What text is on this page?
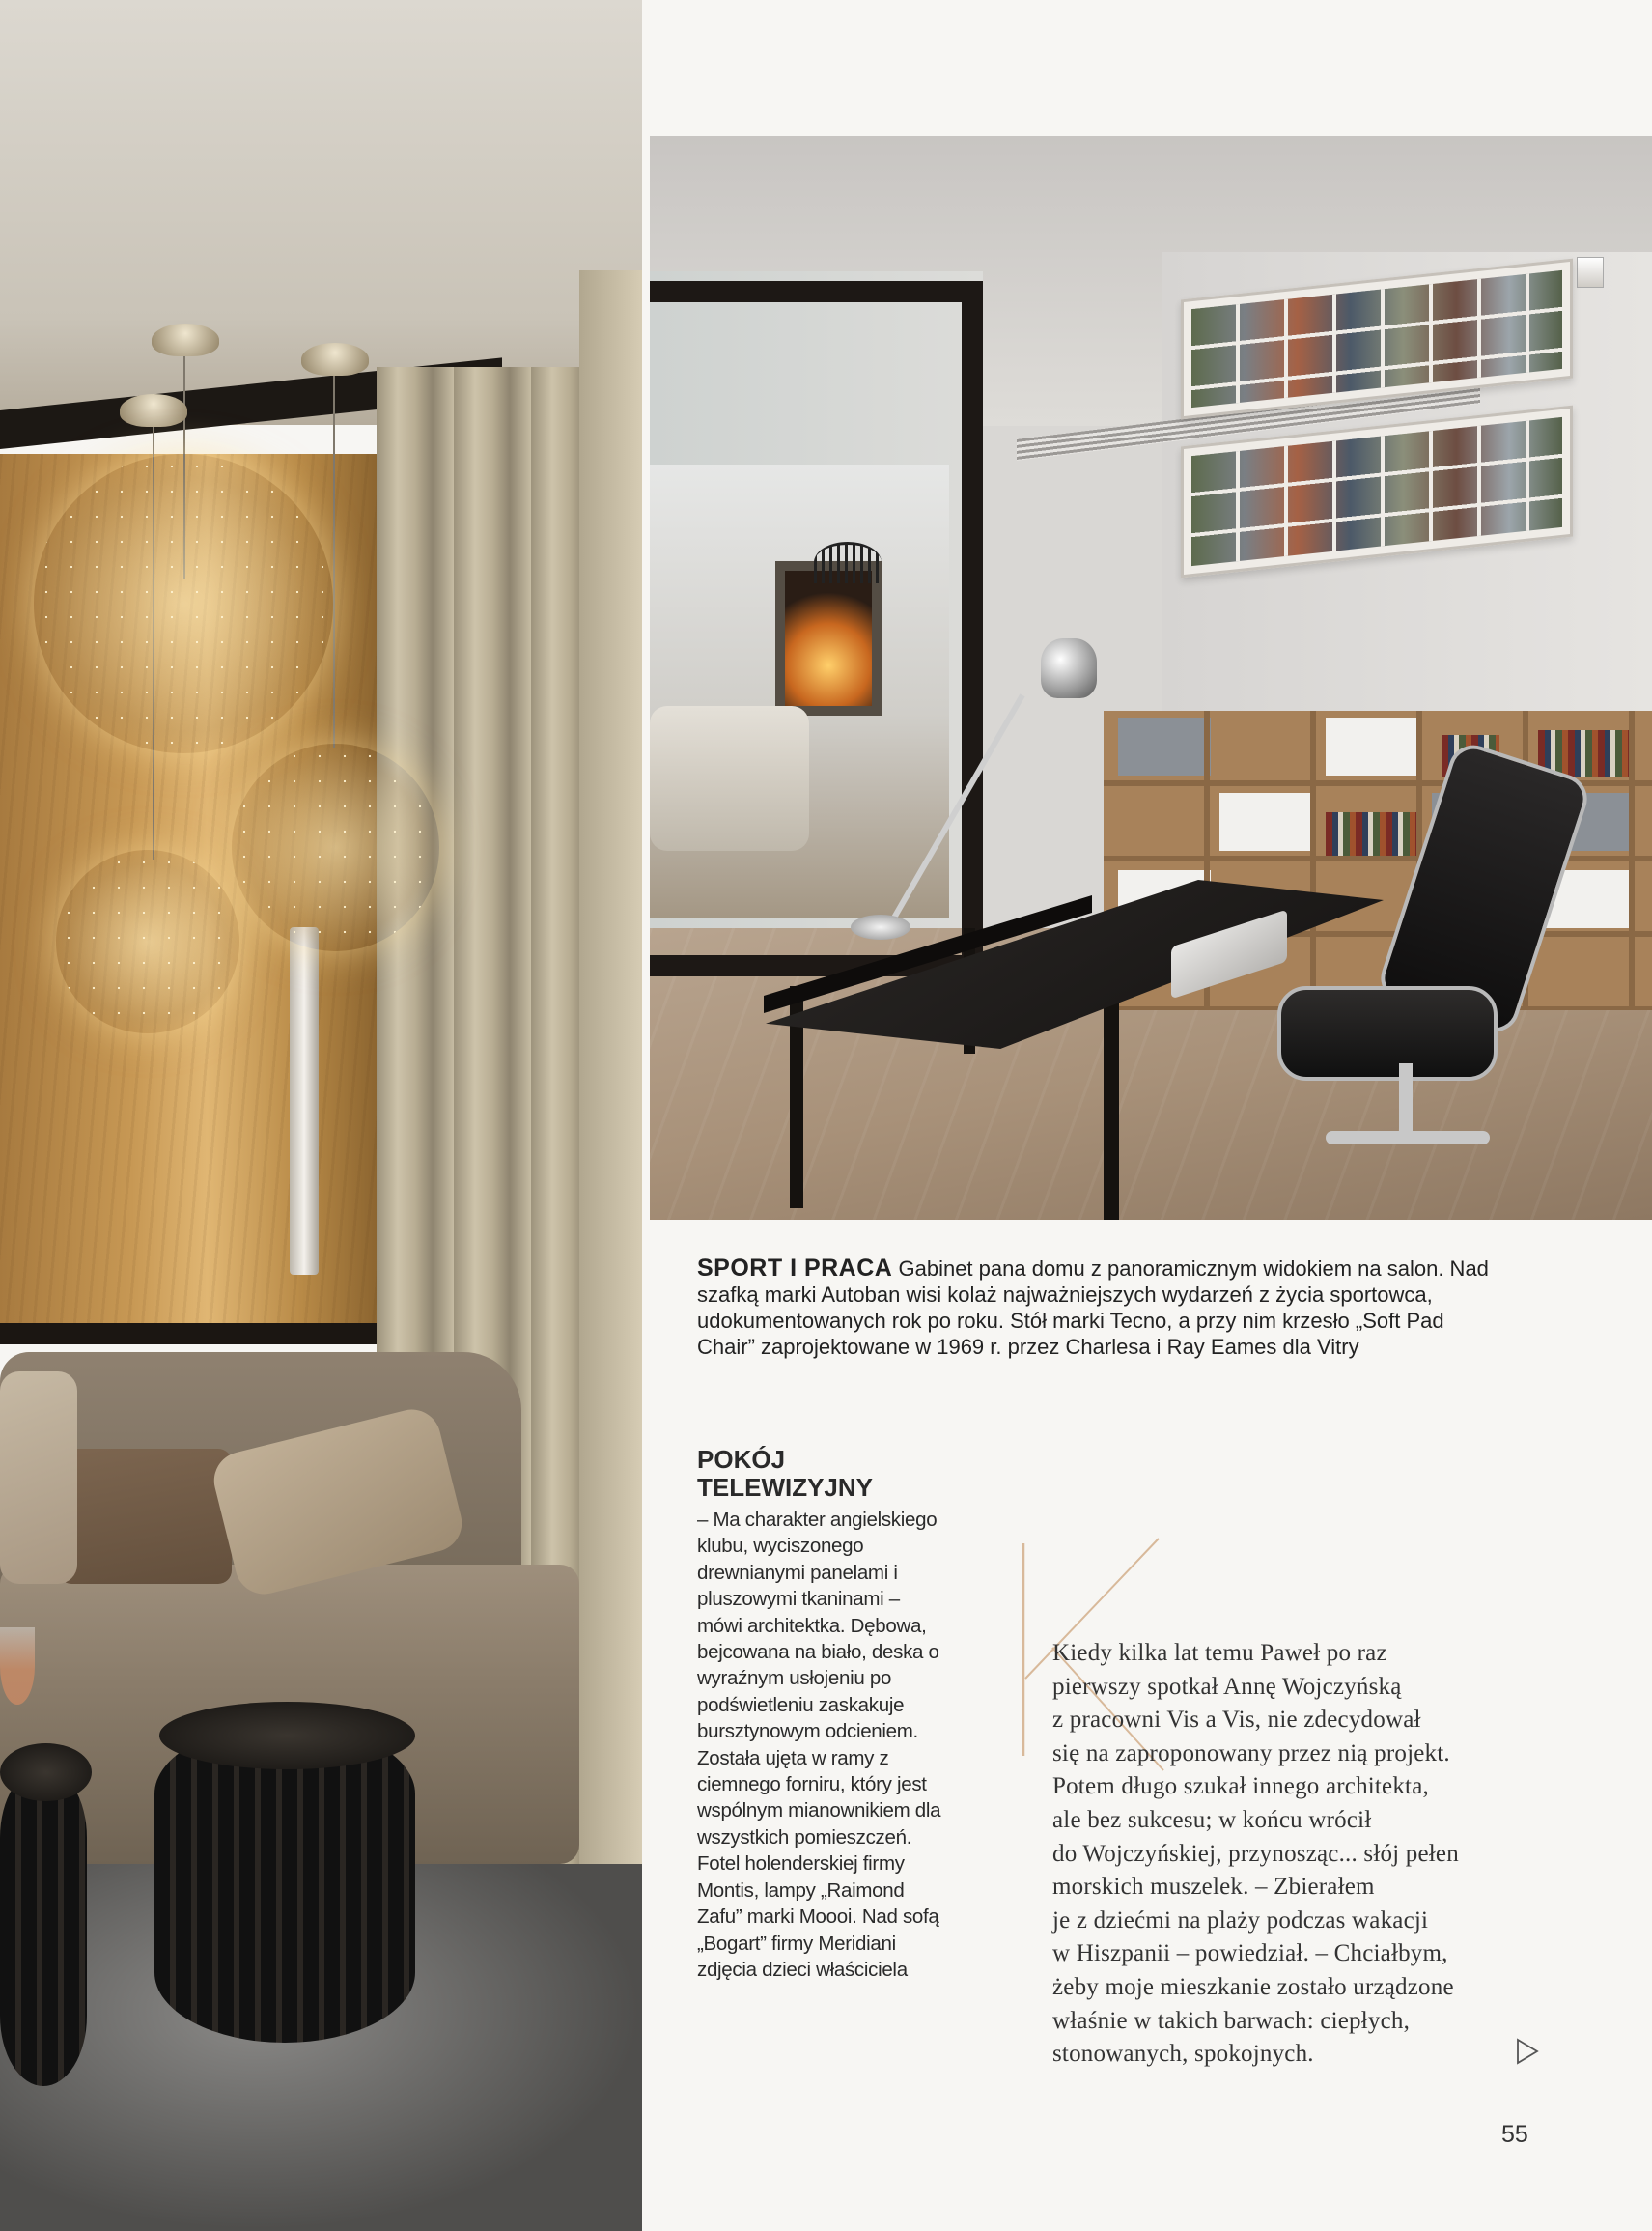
SPORT I PRACA Gabinet pana domu z panoramicznym widokiem na salon. Nad szafką marki Autoban wisi kolaż najważniejszych wydarzeń z życia sportowca, udokumentowanych rok po roku. Stół marki Tecno, a przy nim krzesło „Soft Pad Chair” zaprojektowane w 1969 r. przez Charlesa i Ray Eames dla Vitry
POKÓJ
TELEWIZYJNY
– Ma charakter angielskiego klubu, wyciszonego drewnianymi panelami i pluszowymi tkaninami – mówi architektka. Dębowa, bejcowana na biało, deska o wyraźnym usłojeniu po podświetleniu zaskakuje bursztynowym odcieniem. Została ujęta w ramy z ciemnego forniru, który jest wspólnym mianownikiem dla wszystkich pomieszczeń. Fotel holenderskiej firmy Montis, lampy „Raimond Zafu” marki Moooi. Nad sofą „Bogart” firmy Meridiani zdjęcia dzieci właściciela
Kiedy kilka lat temu Paweł po raz
pierwszy spotkał Annę Wojczyńską
z pracowni Vis a Vis, nie zdecydował
się na zaproponowany przez nią projekt.
Potem długo szukał innego architekta,
ale bez sukcesu; w końcu wrócił
do Wojczyńskiej, przynosząc... słój pełen
morskich muszelek. – Zbierałem
je z dziećmi na plaży podczas wakacji
w Hiszpanii – powiedział. – Chciałbym,
żeby moje mieszkanie zostało urządzone
właśnie w takich barwach: ciepłych,
stonowanych, spokojnych.
55
